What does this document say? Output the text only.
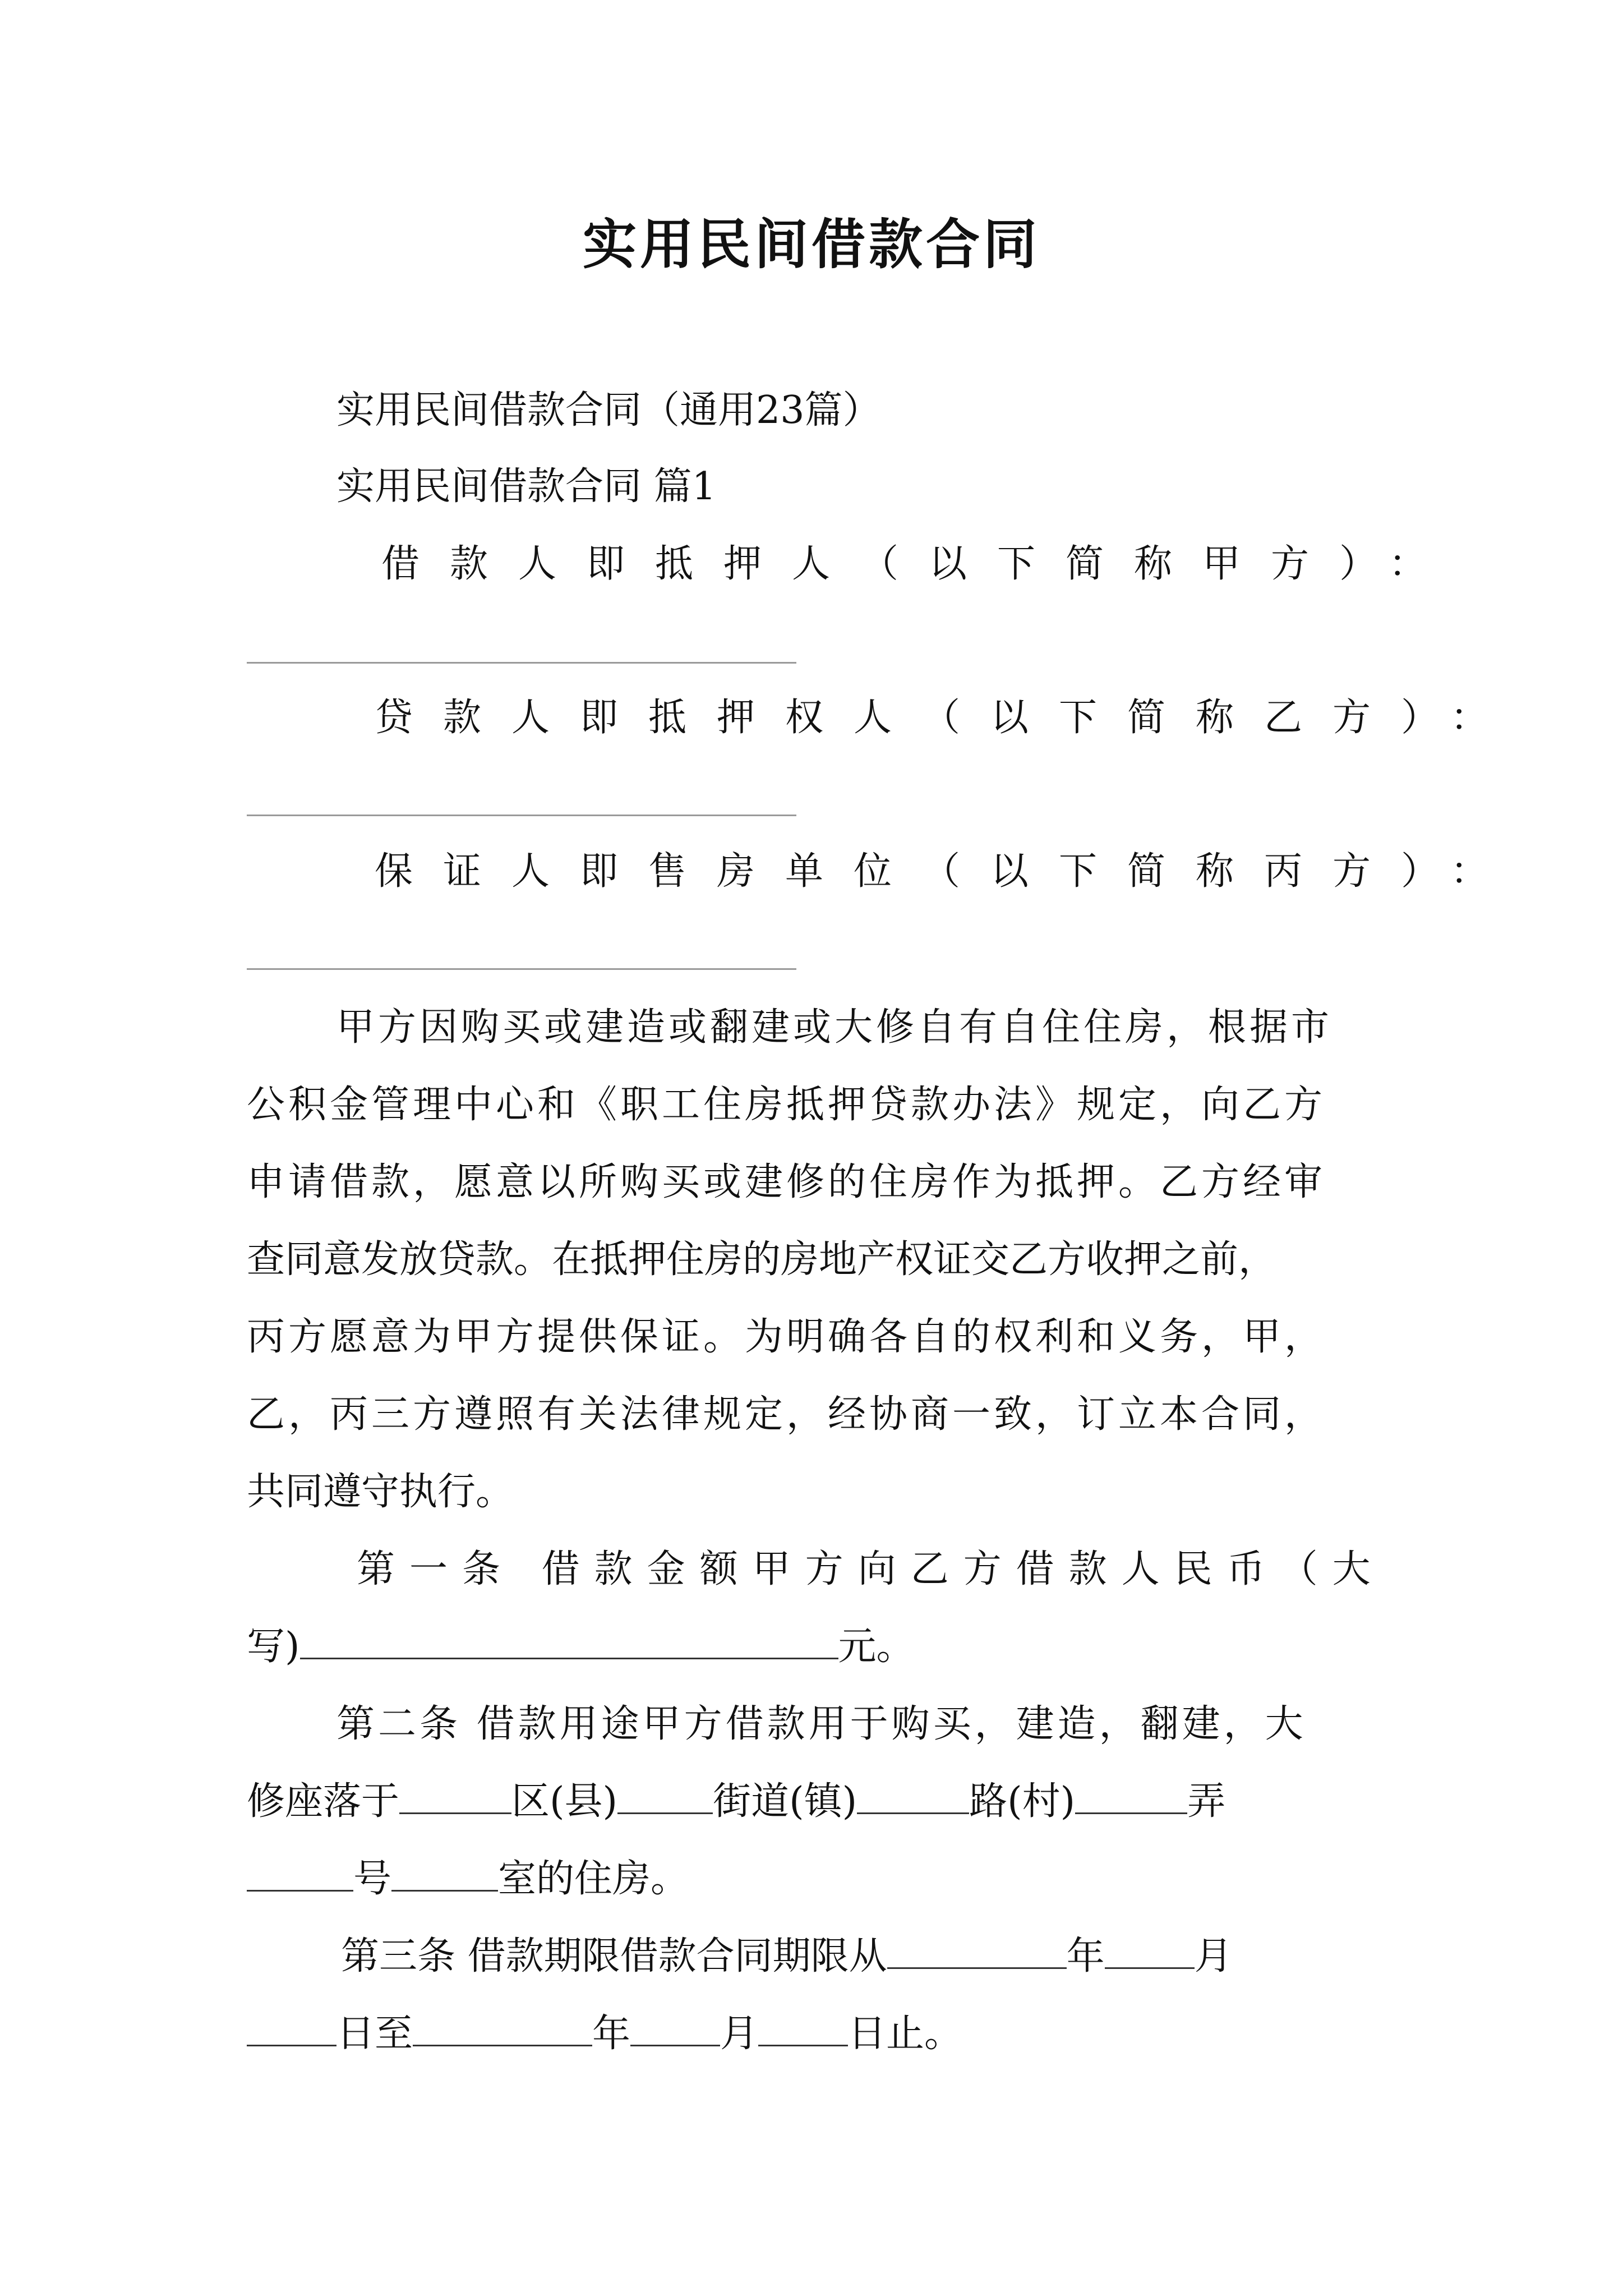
实用民间借款合同
实用民间借款合同（通用23篇）
实用民间借款合同 篇1
借款人即抵押人（以下简称甲方）：
贷款人即抵押权人（以下简称乙方）：
保证人即售房单位（以下简称丙方）：
甲方因购买或建造或翻建或大修自有自住住房，根据市
公积金管理中心和《职工住房抵押贷款办法》规定，向乙方
申请借款，愿意以所购买或建修的住房作为抵押。乙方经审
查同意发放贷款。在抵押住房的房地产权证交乙方收押之前，
丙方愿意为甲方提供保证。为明确各自的权利和义务，甲，
乙，丙三方遵照有关法律规定，经协商一致，订立本合同，
共同遵守执行。
第一条 借款金额甲方向乙方借款人民币（大
写)	元。
第二条 借款用途甲方借款用于购买，建造，翻建，大
修座落于	区(县)	街道(镇)	路(村)	弄
号	室的住房。
第三条 借款期限借款合同期限从	年 月
日至	年 月 日止。
